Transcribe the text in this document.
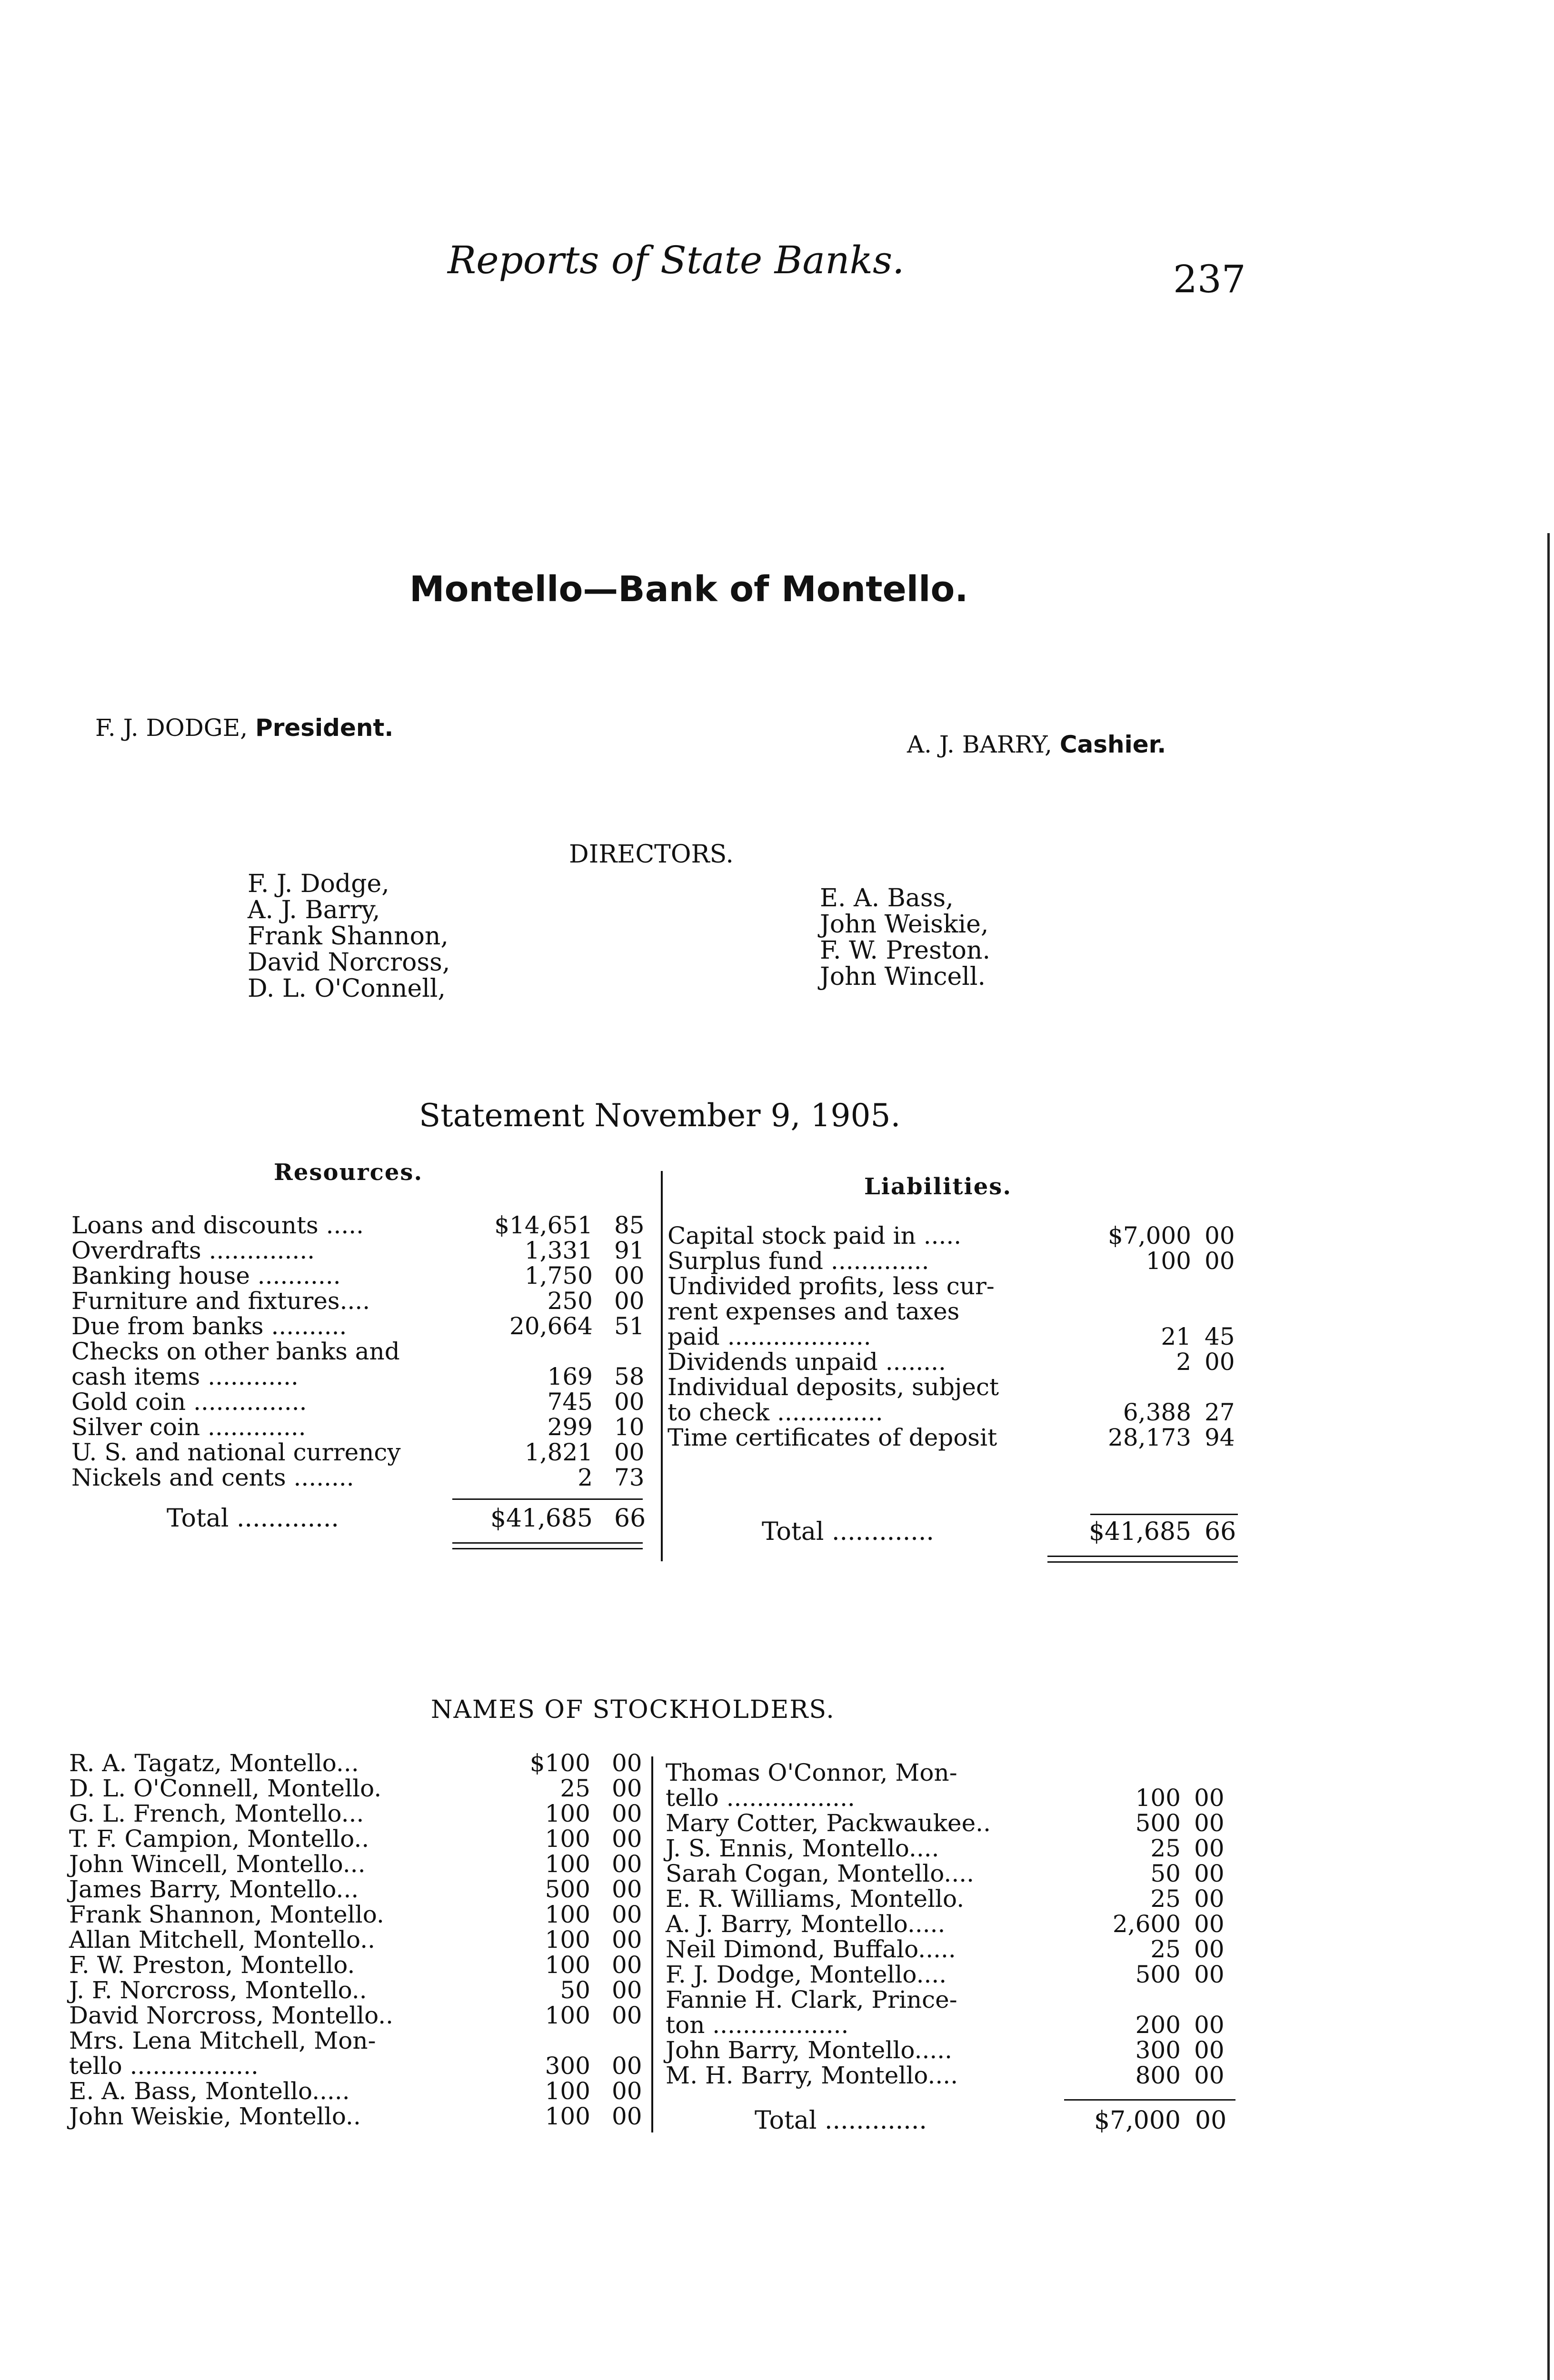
Reports of State Banks.	237
Montello—Bank of Montello.
F. J. DODGE, President.
A. J. BARRY, Cashier.
DIRECTORS.
F. J. Dodge,
A. J. Barry,
Frank Shannon,
David Norcross,
D. L. O'Connell,
E. A. Bass,
John Weiskie,
F. W. Preston.
John Wincell.
Statement November 9, 1905.
Resources.
Loans and discounts .....	$14,651 85
Overdrafts ..............	1,331 91
Banking house ...........	1,750 00
Furniture and fixtures....	250 00
Due from banks ..........	20,664 51
Checks on other banks and
cash items ............	169 58
Gold coin ...............	745 00
Silver coin .............	299 10
U. S. and national currency	1,821 00
Nickels and cents ........	2 73
Total .............	$41,685 66
Liabilities.
Capital stock paid in .....	$7,000 00
Surplus fund .............	100 00
Undivided profits, less cur-
rent expenses and taxes
paid ...................	21 45
Dividends unpaid ........	2 00
Individual deposits, subject
to check ..............	6,388 27
Time certificates of deposit	28,173 94
Total .............	$41,685 66
NAMES OF STOCKHOLDERS.
R. A. Tagatz, Montello...	$100 00
D. L. O'Connell, Montello.	25 00
G. L. French, Montello...	100 00
T. F. Campion, Montello..	100 00
John Wincell, Montello...	100 00
James Barry, Montello...	500 00
Frank Shannon, Montello.	100 00
Allan Mitchell, Montello..	100 00
F. W. Preston, Montello.	100 00
J. F. Norcross, Montello..	50 00
David Norcross, Montello..	100 00
Mrs. Lena Mitchell, Mon-
tello .................	300 00
E. A. Bass, Montello.....	100 00
John Weiskie, Montello..	100 00
Thomas O'Connor, Mon-
tello .................	100 00
Mary Cotter, Packwaukee..	500 00
J. S. Ennis, Montello....	25 00
Sarah Cogan, Montello....	50 00
E. R. Williams, Montello.	25 00
A. J. Barry, Montello.....	2,600 00
Neil Dimond, Buffalo.....	25 00
F. J. Dodge, Montello....	500 00
Fannie H. Clark, Prince-
ton ..................	200 00
John Barry, Montello.....	300 00
M. H. Barry, Montello....	800 00
Total .............	$7,000 00
